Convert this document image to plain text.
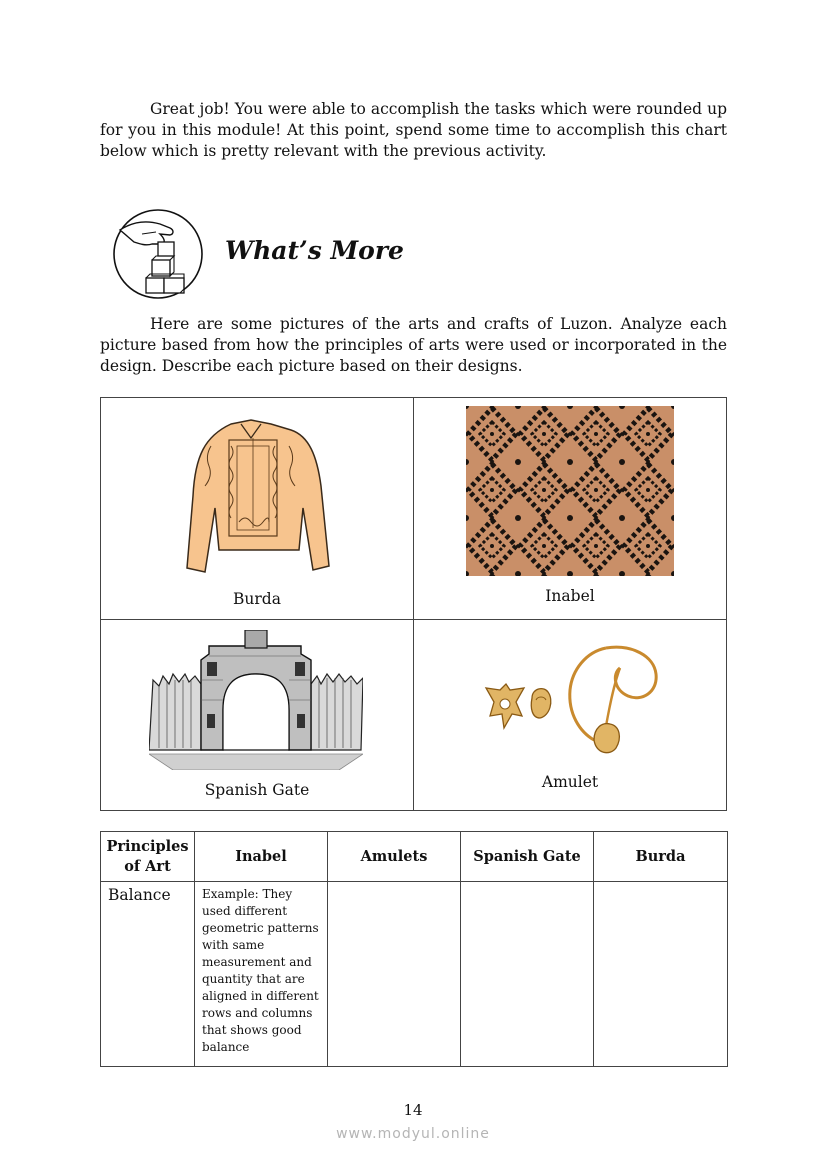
Great job! You were able to accomplish the tasks which were rounded up for you in this module! At this point, spend some time to accomplish this chart below which is pretty relevant with the previous activity.

What’s More

Here are some pictures of the arts and crafts of Luzon. Analyze each picture based from how the principles of arts were used or incorporated in the design. Describe each picture based on their designs.

Burda	Inabel

Spanish Gate	Amulet
Principles of Art	Inabel	Amulets	Spanish Gate	Burda
Balance	Example: They used different geometric patterns with same measurement and quantity that are aligned in different rows and columns that shows good balance			
14
www.modyul.online
